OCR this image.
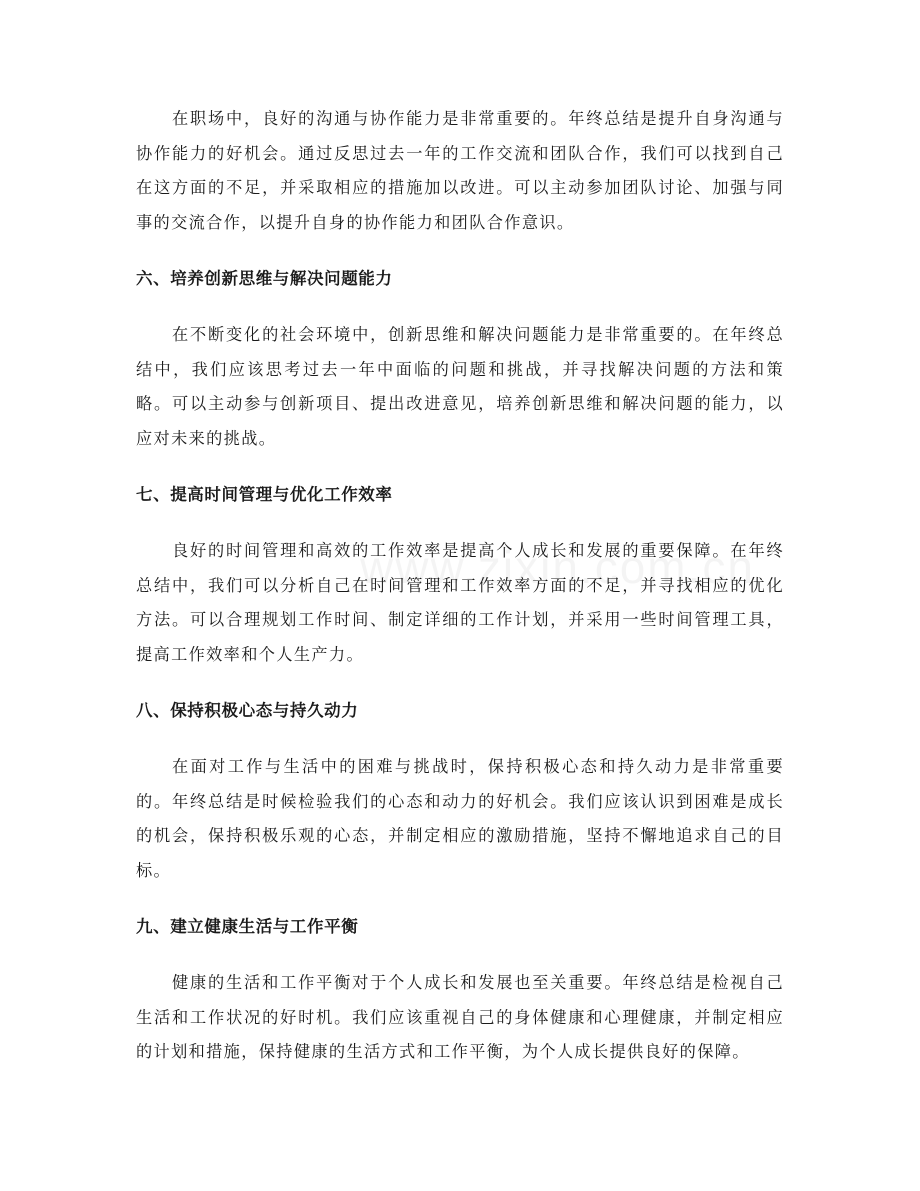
在职场中，良好的沟通与协作能力是非常重要的。年终总结是提升自身沟通与协作能力的好机会。通过反思过去一年的工作交流和团队合作，我们可以找到自己在这方面的不足，并采取相应的措施加以改进。可以主动参加团队讨论、加强与同事的交流合作，以提升自身的协作能力和团队合作意识。

六、培养创新思维与解决问题能力

在不断变化的社会环境中，创新思维和解决问题能力是非常重要的。在年终总结中，我们应该思考过去一年中面临的问题和挑战，并寻找解决问题的方法和策略。可以主动参与创新项目、提出改进意见，培养创新思维和解决问题的能力，以应对未来的挑战。

七、提高时间管理与优化工作效率

良好的时间管理和高效的工作效率是提高个人成长和发展的重要保障。在年终总结中，我们可以分析自己在时间管理和工作效率方面的不足，并寻找相应的优化方法。可以合理规划工作时间、制定详细的工作计划，并采用一些时间管理工具，提高工作效率和个人生产力。

八、保持积极心态与持久动力

在面对工作与生活中的困难与挑战时，保持积极心态和持久动力是非常重要的。年终总结是时候检验我们的心态和动力的好机会。我们应该认识到困难是成长的机会，保持积极乐观的心态，并制定相应的激励措施，坚持不懈地追求自己的目标。

九、建立健康生活与工作平衡

健康的生活和工作平衡对于个人成长和发展也至关重要。年终总结是检视自己生活和工作状况的好时机。我们应该重视自己的身体健康和心理健康，并制定相应的计划和措施，保持健康的生活方式和工作平衡，为个人成长提供良好的保障。
